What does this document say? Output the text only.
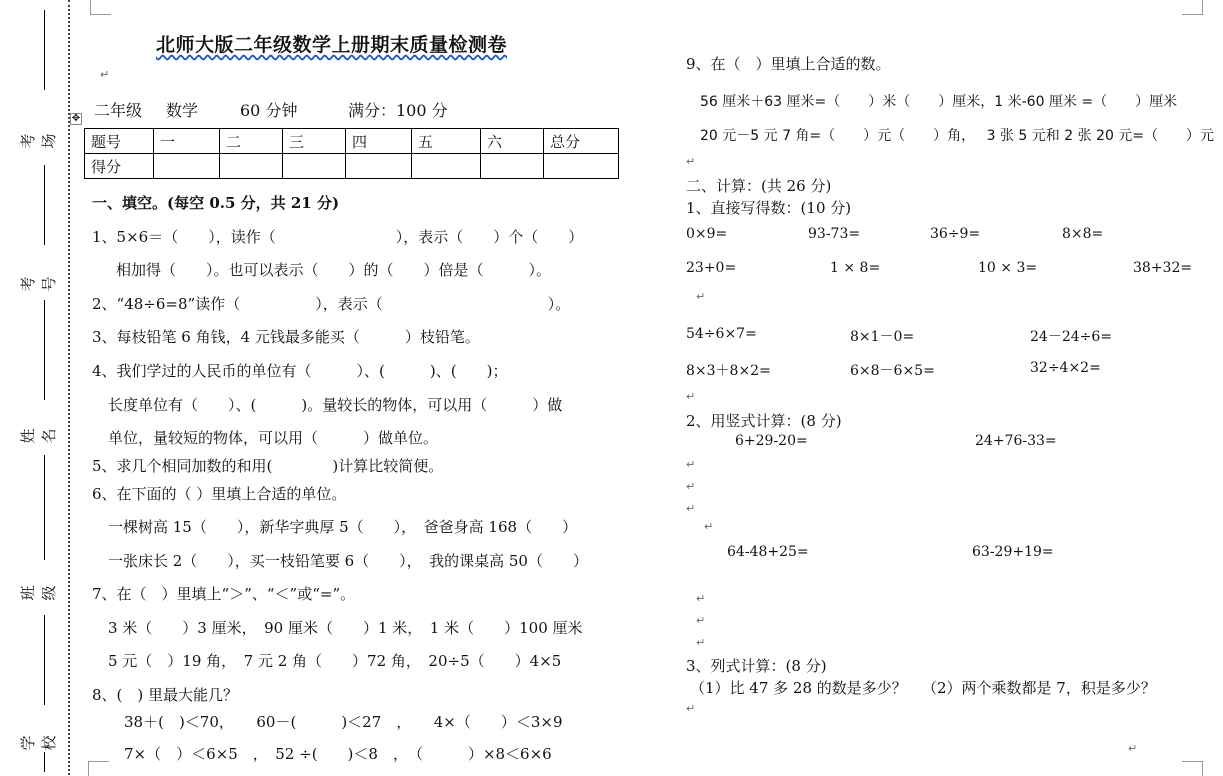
考场
考号
姓名
班级
学校
北师大版二年级数学上册期末质量检测卷
二年级 数学	60 分钟	满分：100 分
✥
题号	一	二	三	四	五	六	总分
得分							
一、填空。(每空 0.5 分，共 21 分)
1、5×6＝（　　），读作（　　　　　　　　），表示（　　）个（　　）
相加得（　　）。也可以表示（　　）的（　　）倍是（　　　）。
2、“48÷6=8”读作（　　　　　），表示（　　　　　　　　　　　）。
3、每枝铅笔 6 角钱，4 元钱最多能买（　　　）枝铅笔。
4、我们学过的人民币的单位有（　　　）、(　　　)、(　　)；
长度单位有（　　）、(　　　)。量较长的物体，可以用（　　　）做
单位，量较短的物体，可以用（　　　）做单位。
5、求几个相同加数的和用(　　　　)计算比较简便。
6、在下面的（ ）里填上合适的单位。
一棵树高 15（　　），新华字典厚 5（　　），　爸爸身高 168（　　）
一张床长 2（　　），买一枝铅笔要 6（　　），　我的课桌高 50（　　）
7、在（　）里填上“＞”、“＜”或“=”。
3 米（　　）3 厘米，　90 厘米（　　）1 米，　1 米（　　）100 厘米
5 元（　）19 角，　7 元 2 角（　　）72 角，　20÷5（　　）4×5
8、(　) 里最大能几？
38＋(　)＜70，　　60－(　　　)＜27　，　　4×（　　）＜3×9
7×（　）＜6×5　，　52 ÷(　　)＜8　，　（　　　）×8＜6×6
9、在（　）里填上合适的数。
56 厘米＋63 厘米=（　　）米（　　）厘米，1 米-60 厘米 =（　　）厘米
20 元－5 元 7 角=（　　）元（　　）角，　 3 张 5 元和 2 张 20 元=（　　）元
二、计算：(共 26 分)
1、直接写得数：(10 分)
0×9=	93-73=	36÷9=	8×8=
23+0=	1 × 8=	10 × 3=	38+32=
54÷6×7=	8×1－0=	24－24÷6=
8×3＋8×2=	6×8－6×5=	32÷4×2=
2、用竖式计算：(8 分)
6+29-20=	24+76-33=
64-48+25=	63-29+19=
3、列式计算：(8 分)
（1）比 47 多 28 的数是多少？ （2）两个乘数都是 7，积是多少？
↵
↵
↵
↵
↵
↵
↵
↵
↵
↵
↵
↵
↵
